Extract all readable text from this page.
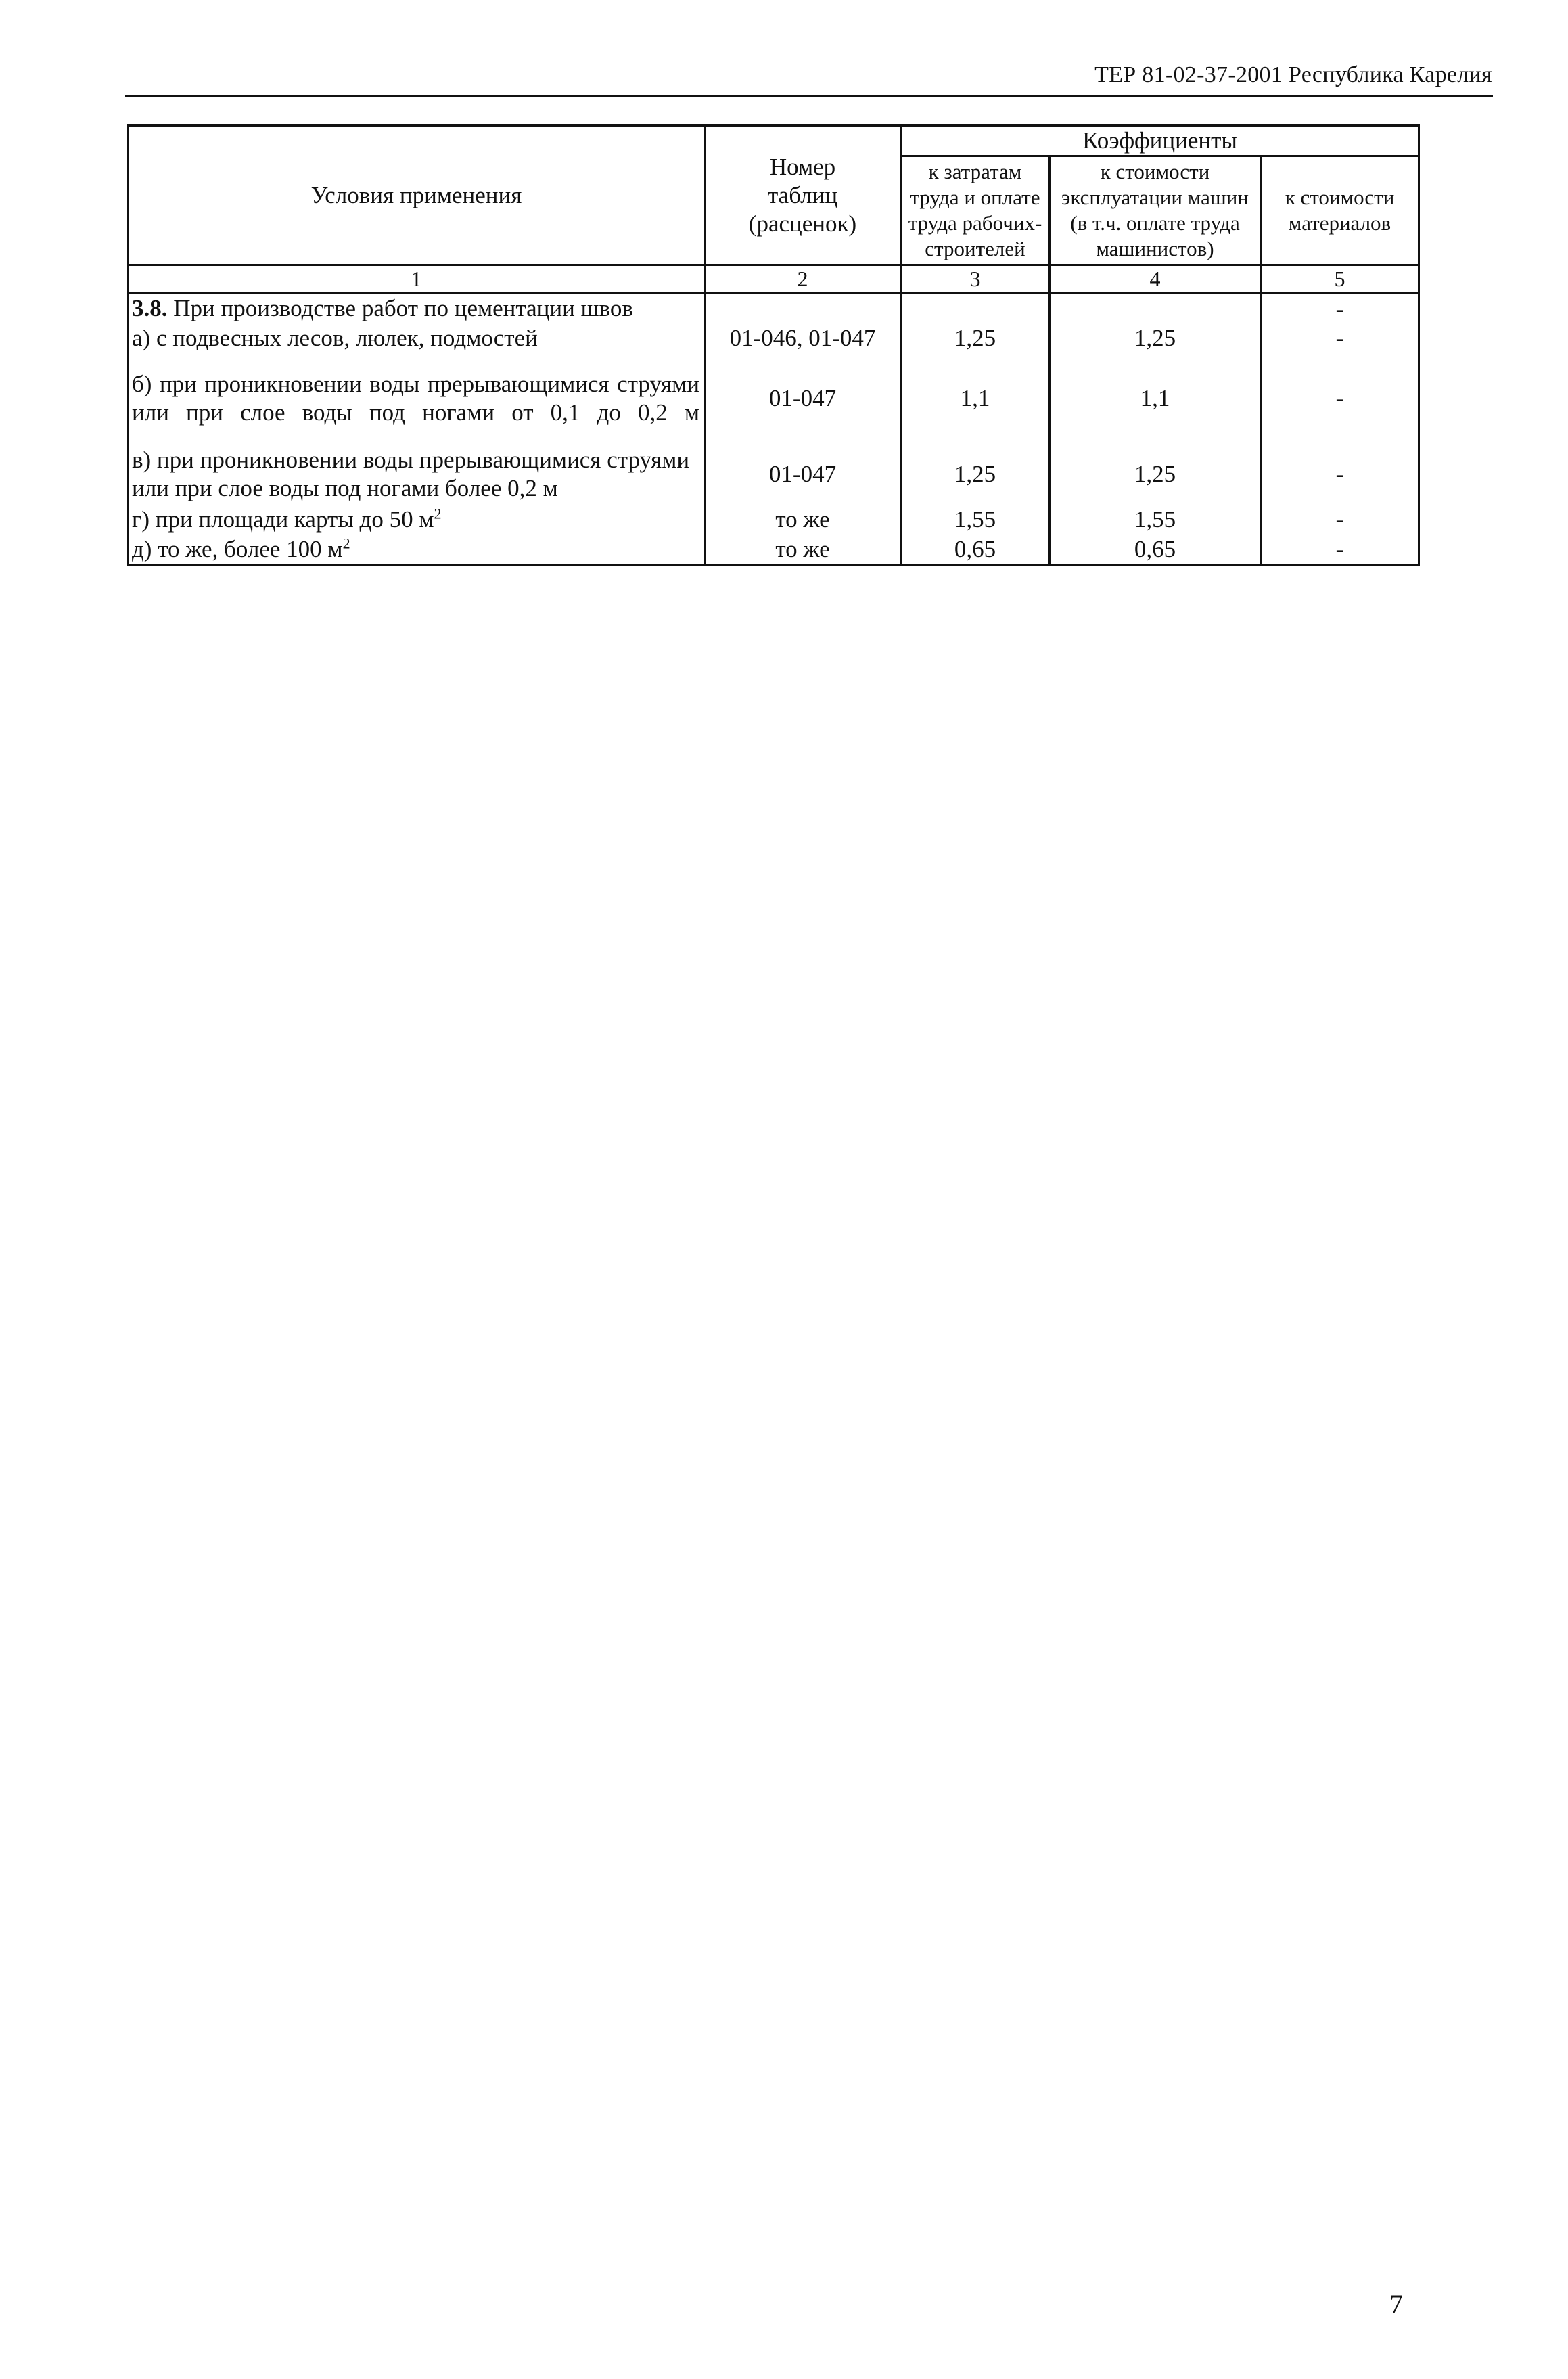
ТЕР 81-02-37-2001 Республика Карелия
Условия применения	Номер таблиц (расценок)	Коэффициенты		
		к затратам труда и оплате труда рабочих-строителей	к стоимости эксплуатации машин (в т.ч. оплате труда машинистов)	к стоимости материалов
1	2	3	4	5
3.8. При производстве работ по цементации швов				-
а) с подвесных лесов, люлек, подмостей	01-046, 01-047	1,25	1,25	-
б) при проникновении воды прерывающимися струями или при слое воды под ногами от 0,1 до 0,2 м	01-047	1,1	1,1	-
в) при проникновении воды прерывающимися струями или при слое воды под ногами более 0,2 м	01-047	1,25	1,25	-
г) при площади карты до 50 $м^2$	то же	1,55	1,55	-
д) то же, более 100 $м^2$	то же	0,65	0,65	-
7
